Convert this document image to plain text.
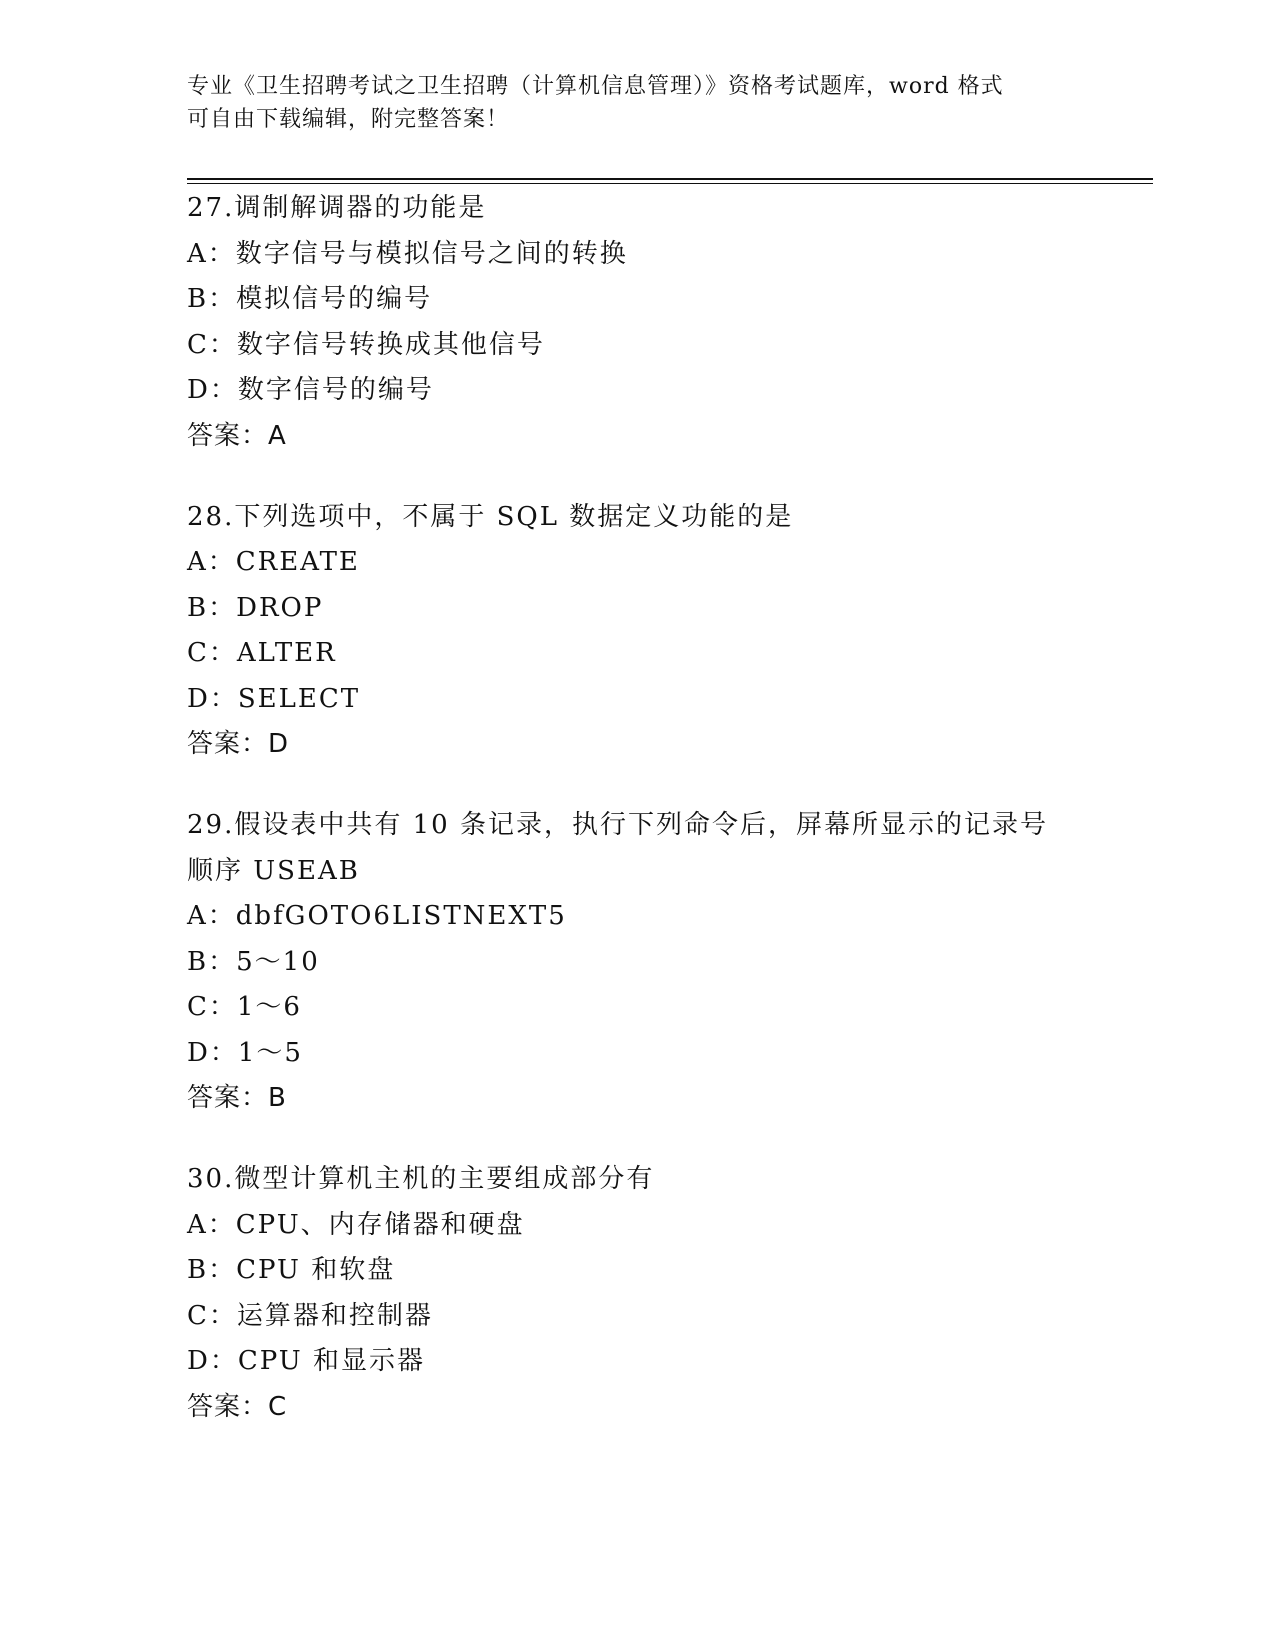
专业《卫生招聘考试之卫生招聘（计算机信息管理）》资格考试题库，word 格式
可自由下载编辑，附完整答案！
27.调制解调器的功能是
A：数字信号与模拟信号之间的转换
B：模拟信号的编号
C：数字信号转换成其他信号
D：数字信号的编号
答案：A
28.下列选项中，不属于 SQL 数据定义功能的是
A：CREATE
B：DROP
C：ALTER
D：SELECT
答案：D
29.假设表中共有 10 条记录，执行下列命令后，屏幕所显示的记录号
顺序 USEAB
A：dbfGOTO6LISTNEXT5
B：5～10
C：1～6
D：1～5
答案：B
30.微型计算机主机的主要组成部分有
A：CPU、内存储器和硬盘
B：CPU 和软盘
C：运算器和控制器
D：CPU 和显示器
答案：C
